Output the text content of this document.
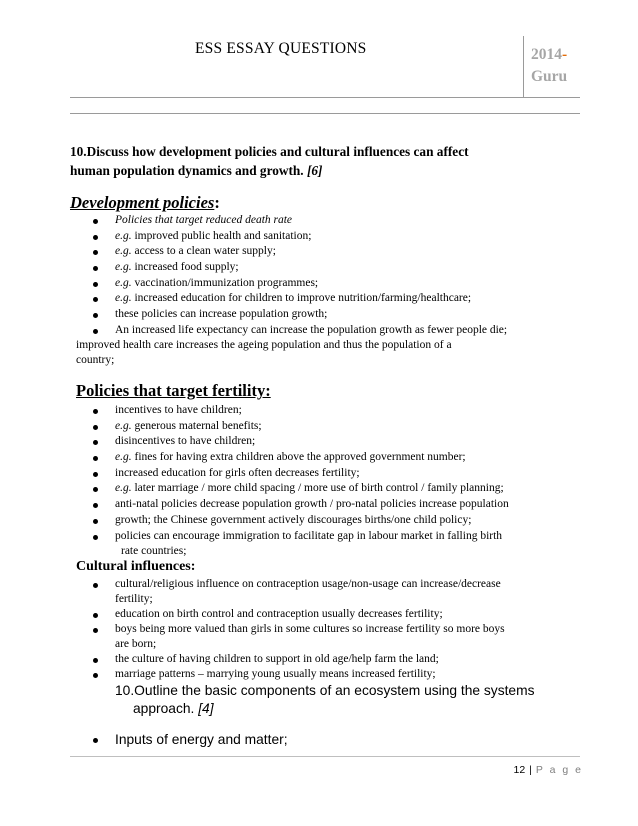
ESS ESSAY QUESTIONS	2014-
Guru
10.Discuss how development policies and cultural influences can affect
human population dynamics and growth. [6]
Development policies:
Policies that target reduced death rate
e.g. improved public health and sanitation;
e.g. access to a clean water supply;
e.g. increased food supply;
e.g. vaccination/immunization programmes;
e.g. increased education for children to improve nutrition/farming/healthcare;
these policies can increase population growth;
An increased life expectancy can increase the population growth as fewer people die;
improved health care increases the ageing population and thus the population of a
country;
Policies that target fertility:
incentives to have children;
e.g. generous maternal benefits;
disincentives to have children;
e.g. fines for having extra children above the approved government number;
increased education for girls often decreases fertility;
e.g. later marriage / more child spacing / more use of birth control / family planning;
anti-natal policies decrease population growth / pro-natal policies increase population
growth; the Chinese government actively discourages births/one child policy;
policies can encourage immigration to facilitate gap in labour market in falling birth
rate countries;
Cultural influences:
cultural/religious influence on contraception usage/non-usage can increase/decrease
fertility;
education on birth control and contraception usually decreases fertility;
boys being more valued than girls in some cultures so increase fertility so more boys
are born;
the culture of having children to support in old age/help farm the land;
marriage patterns – marrying young usually means increased fertility;
10.Outline the basic components of an ecosystem using the systems
approach. [4]
Inputs of energy and matter;
12 | P a g e
